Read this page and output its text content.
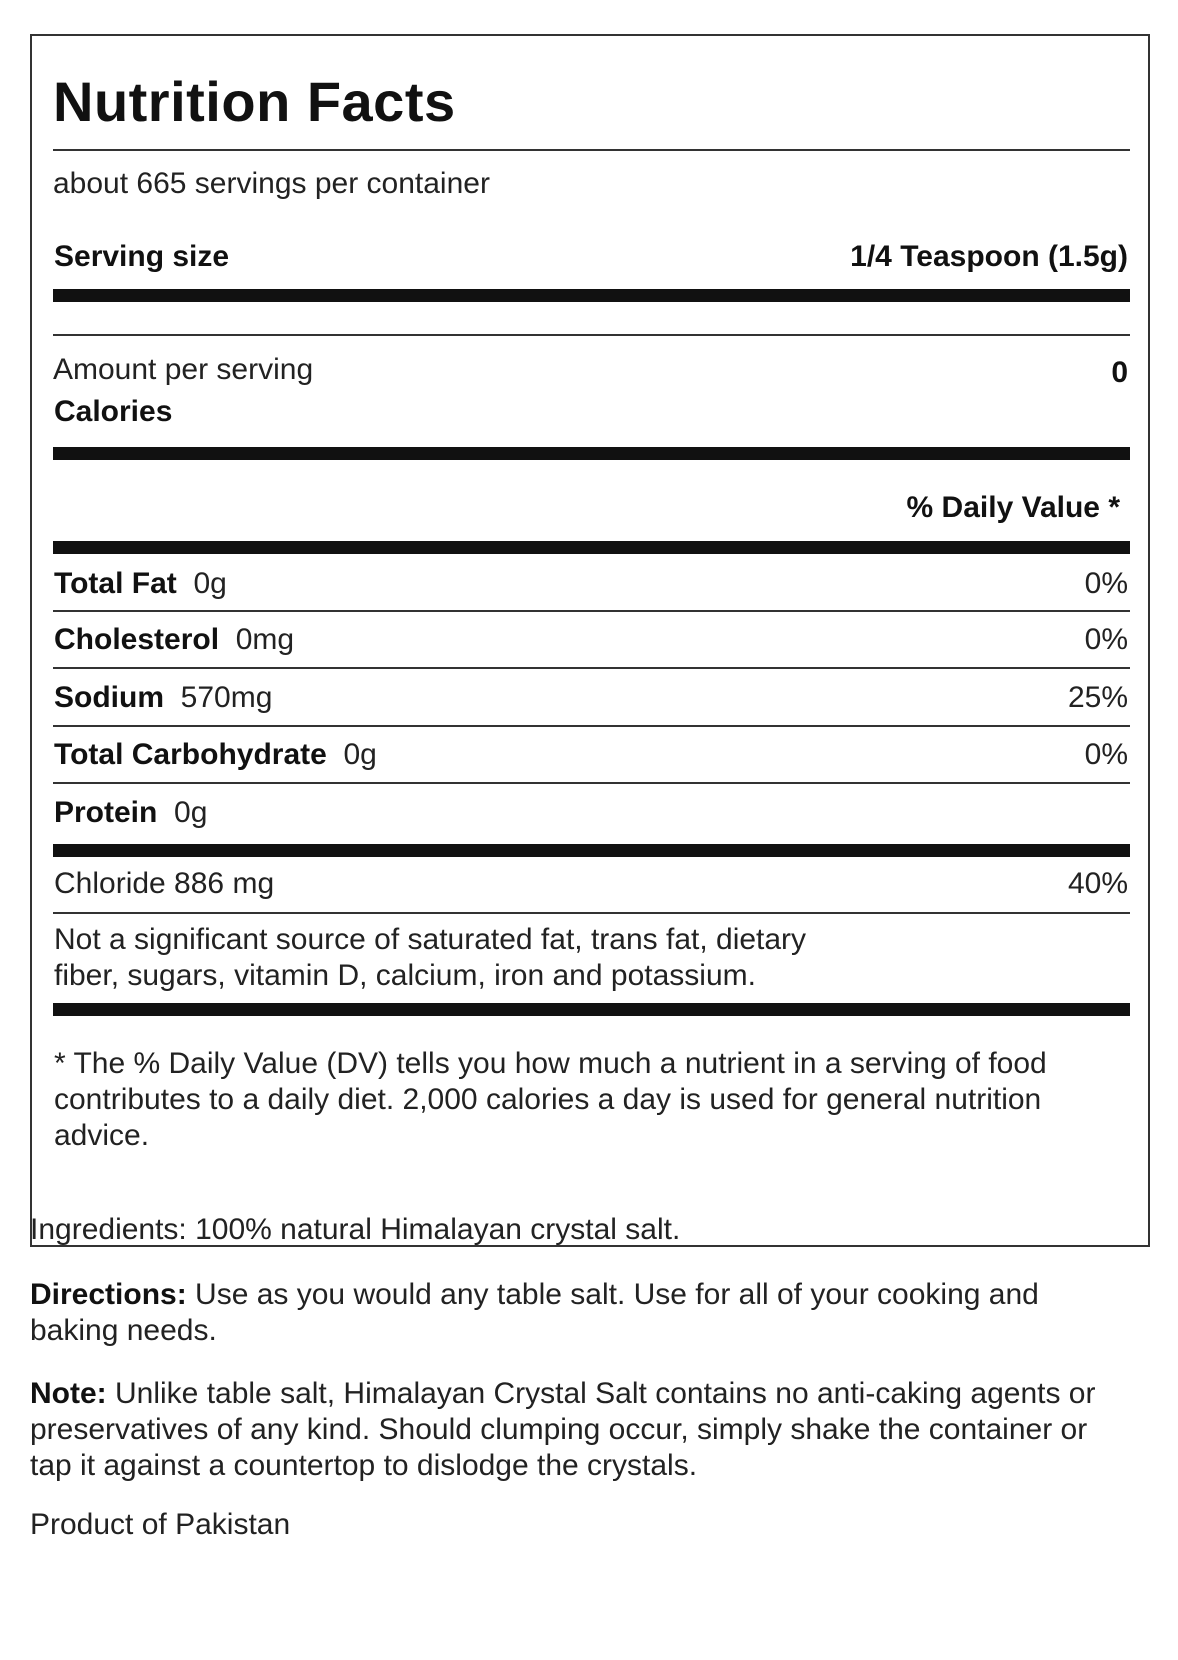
Nutrition Facts
about 665 servings per container
Serving size	1/4 Teaspoon (1.5g)
Amount per serving
Calories
0
% Daily Value *
Total Fat 0g	0%
Cholesterol 0mg	0%
Sodium 570mg	25%
Total Carbohydrate 0g	0%
Protein 0g
Chloride 886 mg	40%
Not a significant source of saturated fat, trans fat, dietary fiber, sugars, vitamin D, calcium, iron and potassium.
* The % Daily Value (DV) tells you how much a nutrient in a serving of food contributes to a daily diet. 2,000 calories a day is used for general nutrition advice.
Ingredients: 100% natural Himalayan crystal salt.
Directions: Use as you would any table salt. Use for all of your cooking and baking needs.
Note: Unlike table salt, Himalayan Crystal Salt contains no anti-caking agents or preservatives of any kind. Should clumping occur, simply shake the container or tap it against a countertop to dislodge the crystals.
Product of Pakistan
